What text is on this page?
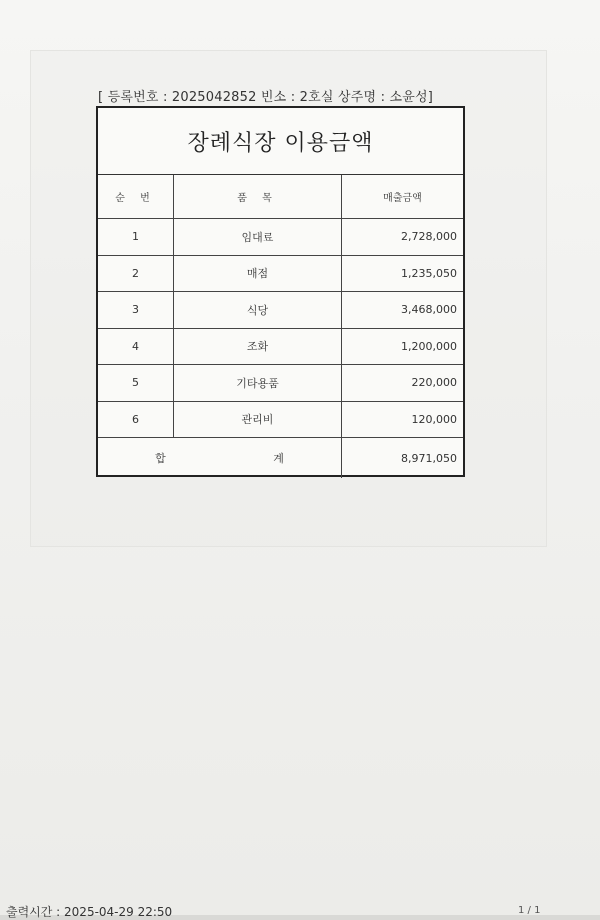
[ 등록번호 : 2025042852 빈소 : 2호실 상주명 : 소윤성]
장례식장 이용금액
순 번	품 목	매출금액
1	임대료	2,728,000
2	매점	1,235,050
3	식당	3,468,000
4	조화	1,200,000
5	기타용품	220,000
6	관리비	120,000
합 계	8,971,050
출력시간 : 2025-04-29 22:50	1 / 1
